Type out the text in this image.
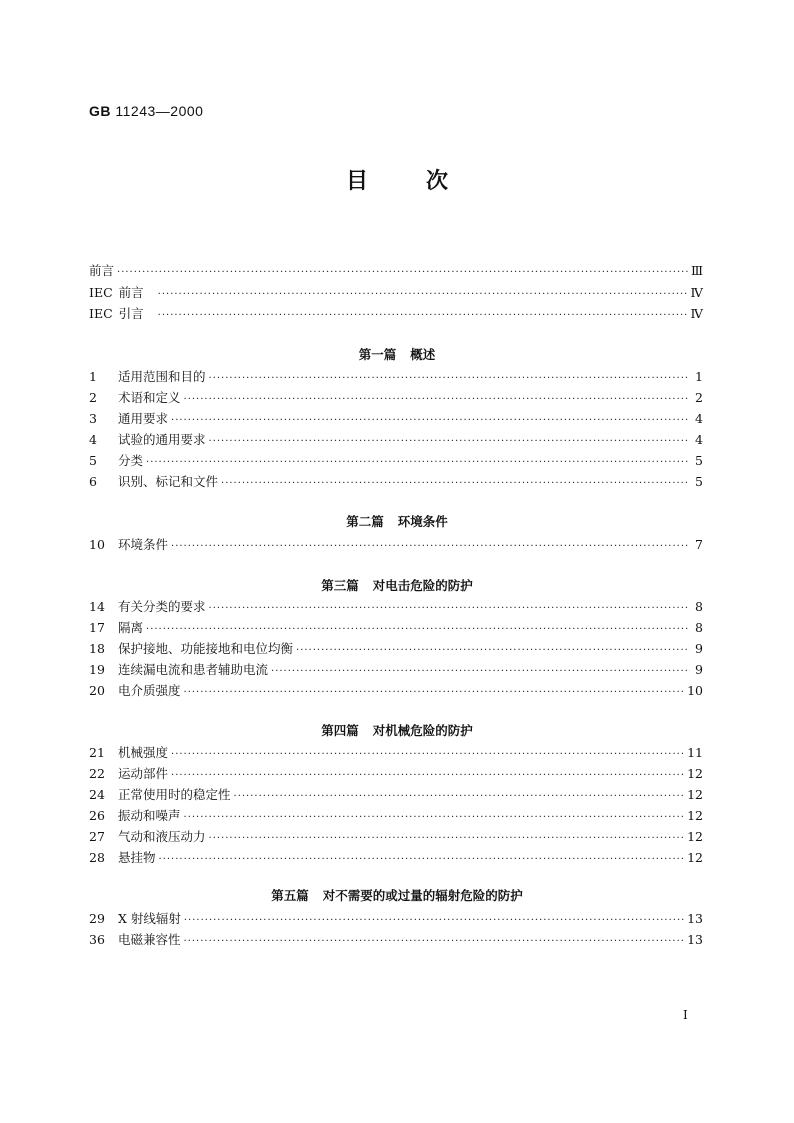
GB 11243—2000
目次
前言 ·····	Ⅲ
IEC 前言 ·····	Ⅳ
IEC 引言 ·····	Ⅳ
1	适用范围和目的 ·····	1
2	术语和定义 ·····	2
3	通用要求 ·····	4
4	试验的通用要求 ·····	4
5	分类 ·····	5
6	识别、标记和文件 ·····	5
10	环境条件 ·····	7
14	有关分类的要求 ·····	8
17	隔离 ·····	8
18	保护接地、功能接地和电位均衡 ·····	9
19	连续漏电流和患者辅助电流 ·····	9
20	电介质强度 ·····	10
21	机械强度 ·····	11
22	运动部件 ·····	12
24	正常使用时的稳定性 ·····	12
26	振动和噪声 ·····	12
27	气动和液压动力 ·····	12
28	悬挂物 ·····	12
29	X 射线辐射 ·····	13
36	电磁兼容性 ·····	13
第一篇 概述
第二篇 环境条件
第三篇 对电击危险的防护
第四篇 对机械危险的防护
第五篇 对不需要的或过量的辐射危险的防护
I
